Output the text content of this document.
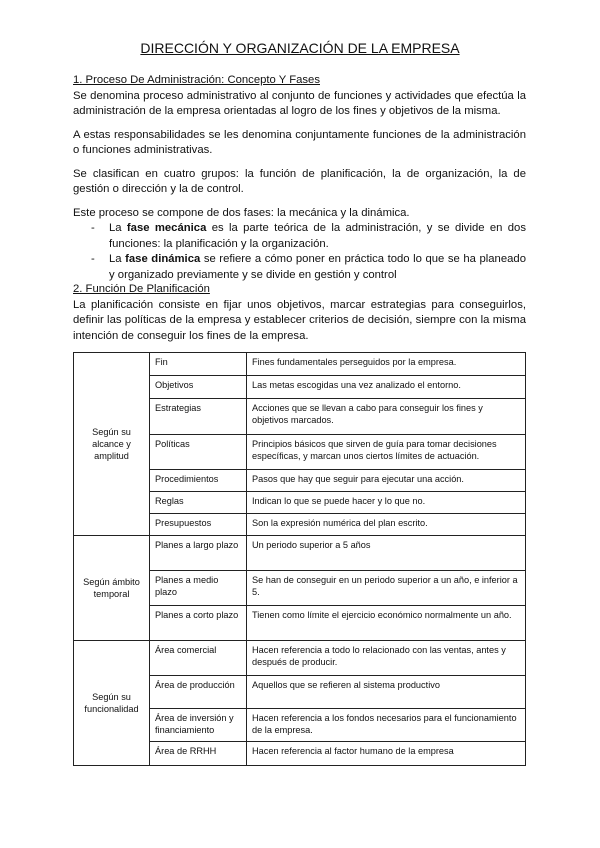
DIRECCIÓN Y ORGANIZACIÓN DE LA EMPRESA
1. Proceso De Administración: Concepto Y Fases

Se denomina proceso administrativo al conjunto de funciones y actividades que efectúa la administración de la empresa orientadas al logro de los fines y objetivos de la misma.

A estas responsabilidades se les denomina conjuntamente funciones de la administración o funciones administrativas.

Se clasifican en cuatro grupos: la función de planificación, la de organización, la de gestión o dirección y la de control.

Este proceso se compone de dos fases: la mecánica y la dinámica.

- La fase mecánica es la parte teórica de la administración, y se divide en dos funciones: la planificación y la organización.
- La fase dinámica se refiere a cómo poner en práctica todo lo que se ha planeado y organizado previamente y se divide en gestión y control
2. Función De Planificación

La planificación consiste en fijar unos objetivos, marcar estrategias para conseguirlos, definir las políticas de la empresa y establecer criterios de decisión, siempre con la misma intención de conseguir los fines de la empresa.

Según su alcance y amplitud	Fin	Fines fundamentales perseguidos por la empresa.
	Objetivos	Las metas escogidas una vez analizado el entorno.
	Estrategias	Acciones que se llevan a cabo para conseguir los fines y objetivos marcados.
	Políticas	Principios básicos que sirven de guía para tomar decisiones específicas, y marcan unos ciertos límites de actuación.
	Procedimientos	Pasos que hay que seguir para ejecutar una acción.
	Reglas	Indican lo que se puede hacer y lo que no.
	Presupuestos	Son la expresión numérica del plan escrito.
Según ámbito temporal	Planes a largo plazo	Un periodo superior a 5 años
	Planes a medio plazo	Se han de conseguir en un periodo superior a un año, e inferior a 5.
	Planes a corto plazo	Tienen como límite el ejercicio económico normalmente un año.
Según su funcionalidad	Área comercial	Hacen referencia a todo lo relacionado con las ventas, antes y después de producir.
	Área de producción	Aquellos que se refieren al sistema productivo
	Área de inversión y financiamiento	Hacen referencia a los fondos necesarios para el funcionamiento de la empresa.
	Área de RRHH	Hacen referencia al factor humano de la empresa
